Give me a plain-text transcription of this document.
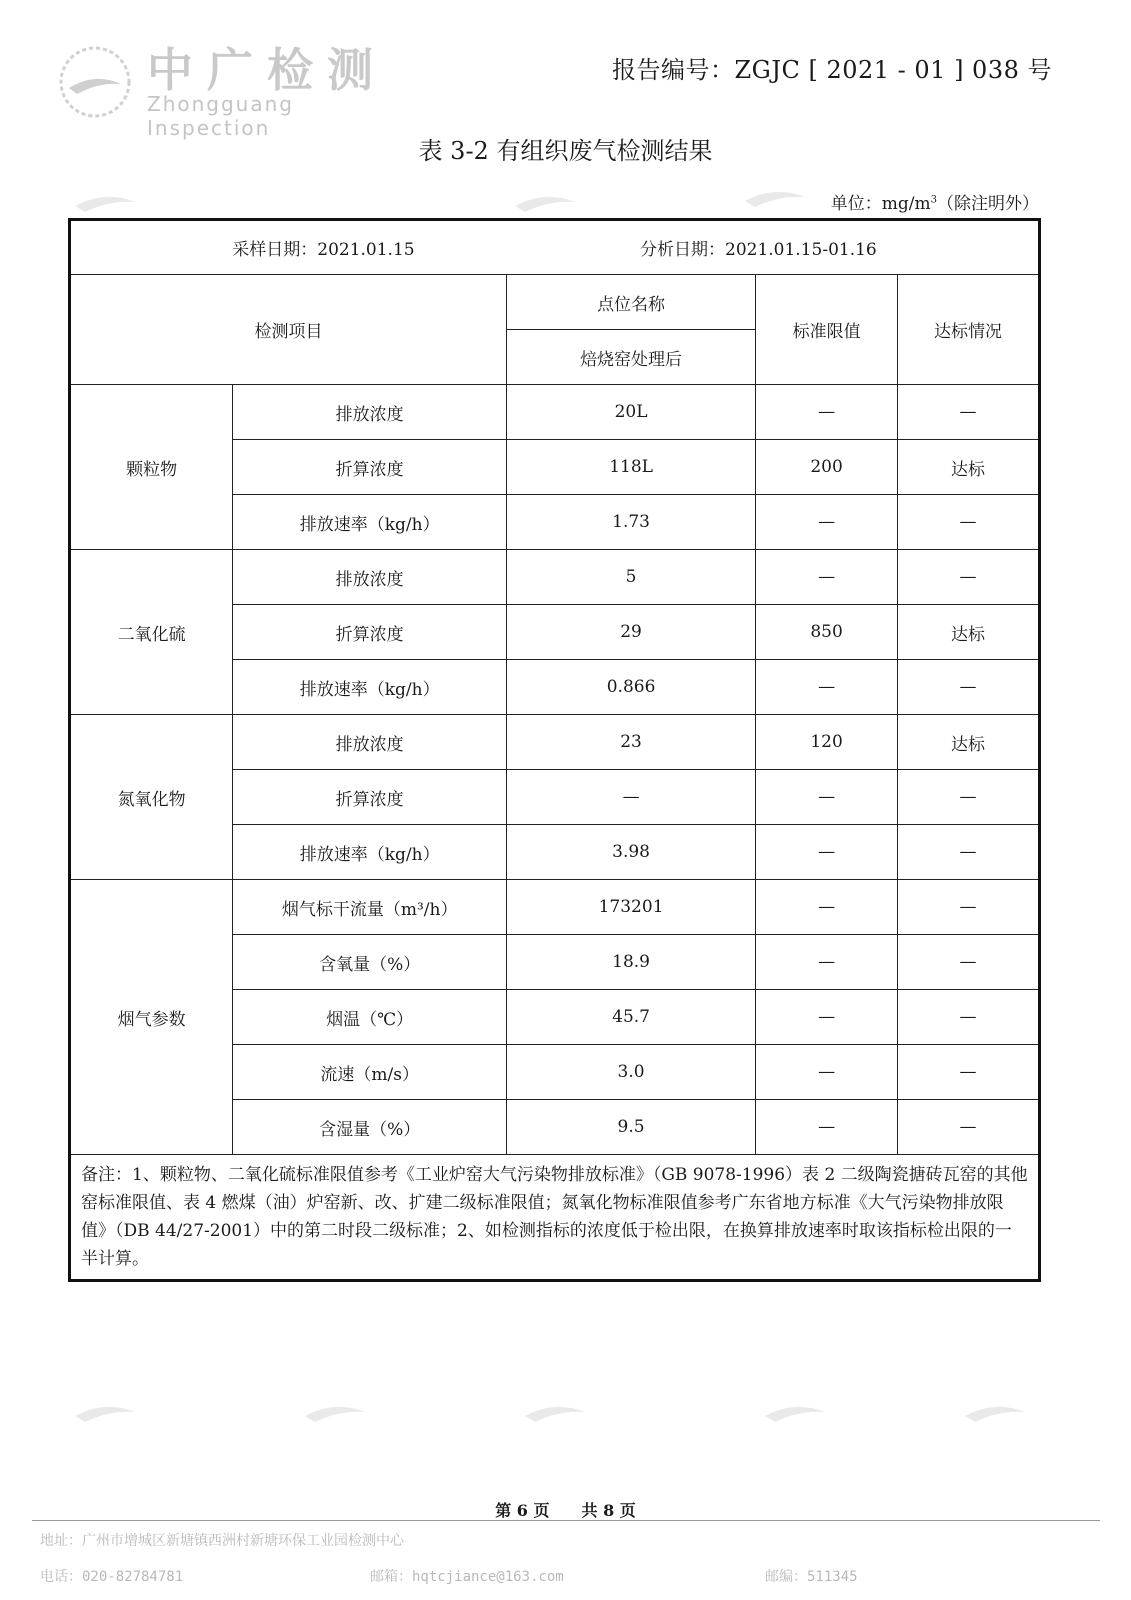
中广检测
Zhongguang Inspection
报告编号：ZGJC [ 2021 - 01 ] 038 号
表 3-2 有组织废气检测结果
单位：$mg/m^3$（除注明外）
采样日期：2021.01.15 分析日期：2021.01.15-01.16				
检测项目		点位名称	标准限值	达标情况
		焙烧窑处理后		
颗粒物	排放浓度	20L	—	—
	折算浓度	118L	200	达标
	排放速率（kg/h）	1.73	—	—
二氧化硫	排放浓度	5	—	—
	折算浓度	29	850	达标
	排放速率（kg/h）	0.866	—	—
氮氧化物	排放浓度	23	120	达标
	折算浓度	—	—	—
	排放速率（kg/h）	3.98	—	—
烟气参数	烟气标干流量（m³/h）	173201	—	—
	含氧量（%）	18.9	—	—
	烟温（℃）	45.7	—	—
	流速（m/s）	3.0	—	—
	含湿量（%）	9.5	—	—
备注：1、颗粒物、二氧化硫标准限值参考《工业炉窑大气污染物排放标准》（GB 9078-1996）表 2 二级陶瓷搪砖瓦窑的其他窑标准限值、表 4 燃煤（油）炉窑新、改、扩建二级标准限值；氮氧化物标准限值参考广东省地方标准《大气污染物排放限值》（DB 44/27-2001）中的第二时段二级标准；2、如检测指标的浓度低于检出限，在换算排放速率时取该指标检出限的一半计算。				
第 6 页　　共 8 页
地址：广州市增城区新塘镇西洲村新塘环保工业园检测中心
电话：020-82784781	邮箱：hqtcjiance@163.com	邮编：511345
